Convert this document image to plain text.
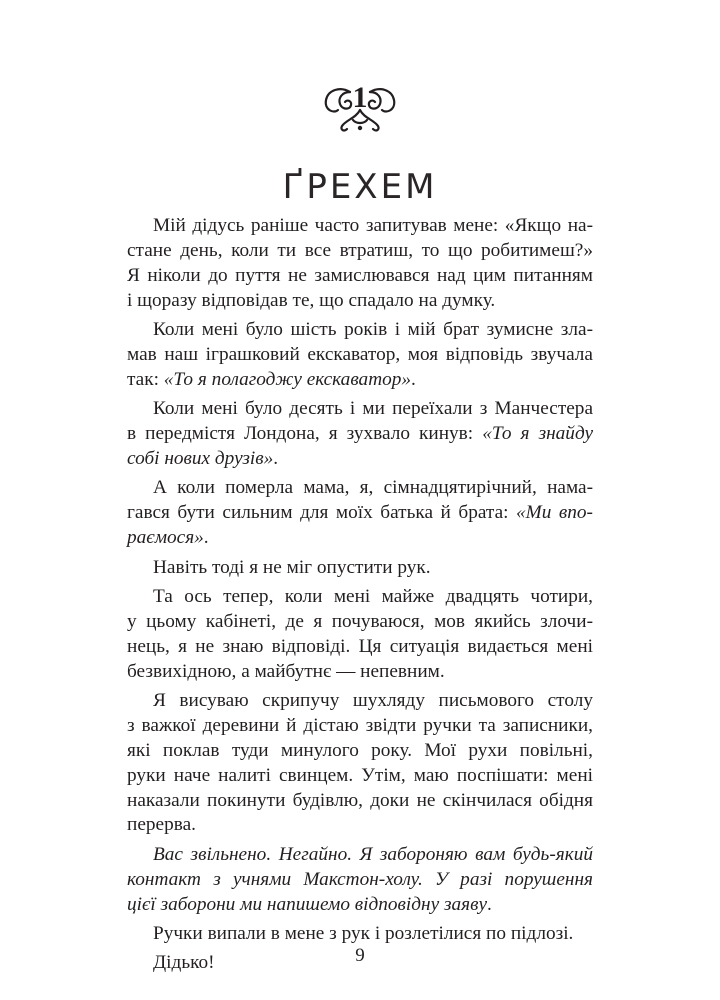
1
ҐРЕХЕМ
Мій дідусь раніше часто запитував мене: «Якщо на-
стане день, коли ти все втратиш, то що робитимеш?»
Я ніколи до пуття не замислювався над цим питанням
і щоразу відповідав те, що спадало на думку.
Коли мені було шість років і мій брат зумисне зла-
мав наш іграшковий екскаватор, моя відповідь звучала
так: «То я полагоджу екскаватор».
Коли мені було десять і ми переїхали з Манчестера
в передмістя Лондона, я зухвало кинув: «То я знайду
собі нових друзів».
А коли померла мама, я, сімнадцятирічний, нама-
гався бути сильним для моїх батька й брата: «Ми впо-
раємося».
Навіть тоді я не міг опустити рук.
Та ось тепер, коли мені майже двадцять чотири,
у цьому кабінеті, де я почуваюся, мов якийсь злочи-
нець, я не знаю відповіді. Ця ситуація видається мені
безвихідною, а майбутнє — непевним.
Я висуваю скрипучу шухляду письмового столу
з важкої деревини й дістаю звідти ручки та записники,
які поклав туди минулого року. Мої рухи повільні,
руки наче налиті свинцем. Утім, маю поспішати: мені
наказали покинути будівлю, доки не скінчилася обідня
перерва.
Вас звільнено. Негайно. Я забороняю вам будь-який
контакт з учнями Макстон-холу. У разі порушення
цієї заборони ми напишемо відповідну заяву.
Ручки випали в мене з рук і розлетілися по підлозі.
Дідько!	9
